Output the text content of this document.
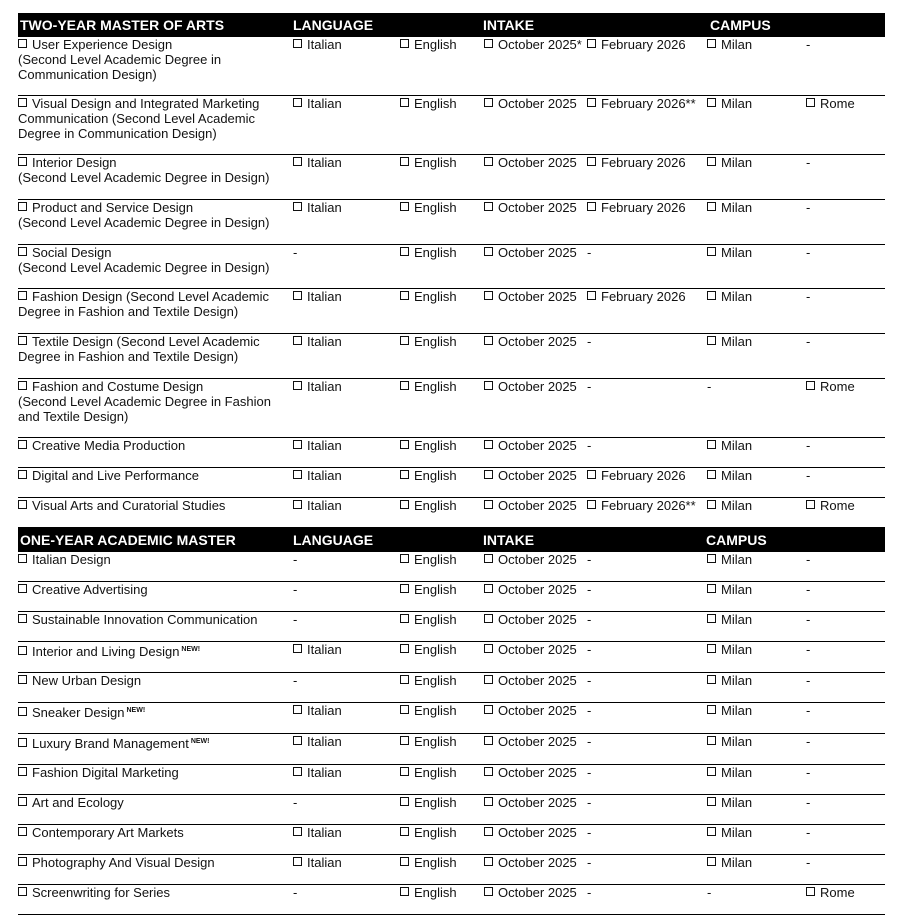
TWO-YEAR MASTER OF ARTS	LANGUAGE	INTAKE	CAMPUS
User Experience Design
(Second Level Academic Degree in Communication Design)
Italian	English	October 2025*	February 2026	Milan	-
Visual Design and Integrated Marketing Communication (Second Level Academic Degree in Communication Design)
Italian	English	October 2025	February 2026**	Milan	Rome
Interior Design
(Second Level Academic Degree in Design)
Italian	English	October 2025	February 2026	Milan	-
Product and Service Design
(Second Level Academic Degree in Design)
Italian	English	October 2025	February 2026	Milan	-
Social Design
(Second Level Academic Degree in Design)
-	English	October 2025 -	Milan	-
Fashion Design (Second Level Academic Degree in Fashion and Textile Design)
Italian	English	October 2025	February 2026	Milan	-
Textile Design (Second Level Academic Degree in Fashion and Textile Design)
Italian	English	October 2025 -	Milan	-
Fashion and Costume Design
(Second Level Academic Degree in Fashion and Textile Design)
Italian	English	October 2025 -	-	Rome
Creative Media Production	Italian	English	October 2025 -	Milan	-
Digital and Live Performance	Italian	English	October 2025	February 2026	Milan	-
Visual Arts and Curatorial Studies	Italian	English	October 2025	February 2026**	Milan	Rome
ONE-YEAR ACADEMIC MASTER	LANGUAGE	INTAKE	CAMPUS
Italian Design	-	English	October 2025 -	Milan	-
Creative Advertising	-	English	October 2025 -	Milan	-
Sustainable Innovation Communication	-	English	October 2025 -	Milan	-
Interior and Living Design $^{NEW!}$	Italian	English	October 2025 -	Milan	-
New Urban Design	-	English	October 2025 -	Milan	-
Sneaker Design $^{NEW!}$	Italian	English	October 2025 -	Milan	-
Luxury Brand Management $^{NEW!}$	Italian	English	October 2025 -	Milan	-
Fashion Digital Marketing	Italian	English	October 2025 -	Milan	-
Art and Ecology	-	English	October 2025 -	Milan	-
Contemporary Art Markets	Italian	English	October 2025 -	Milan	-
Photography And Visual Design	Italian	English	October 2025 -	Milan	-
Screenwriting for Series	-	English	October 2025 -	-	Rome
